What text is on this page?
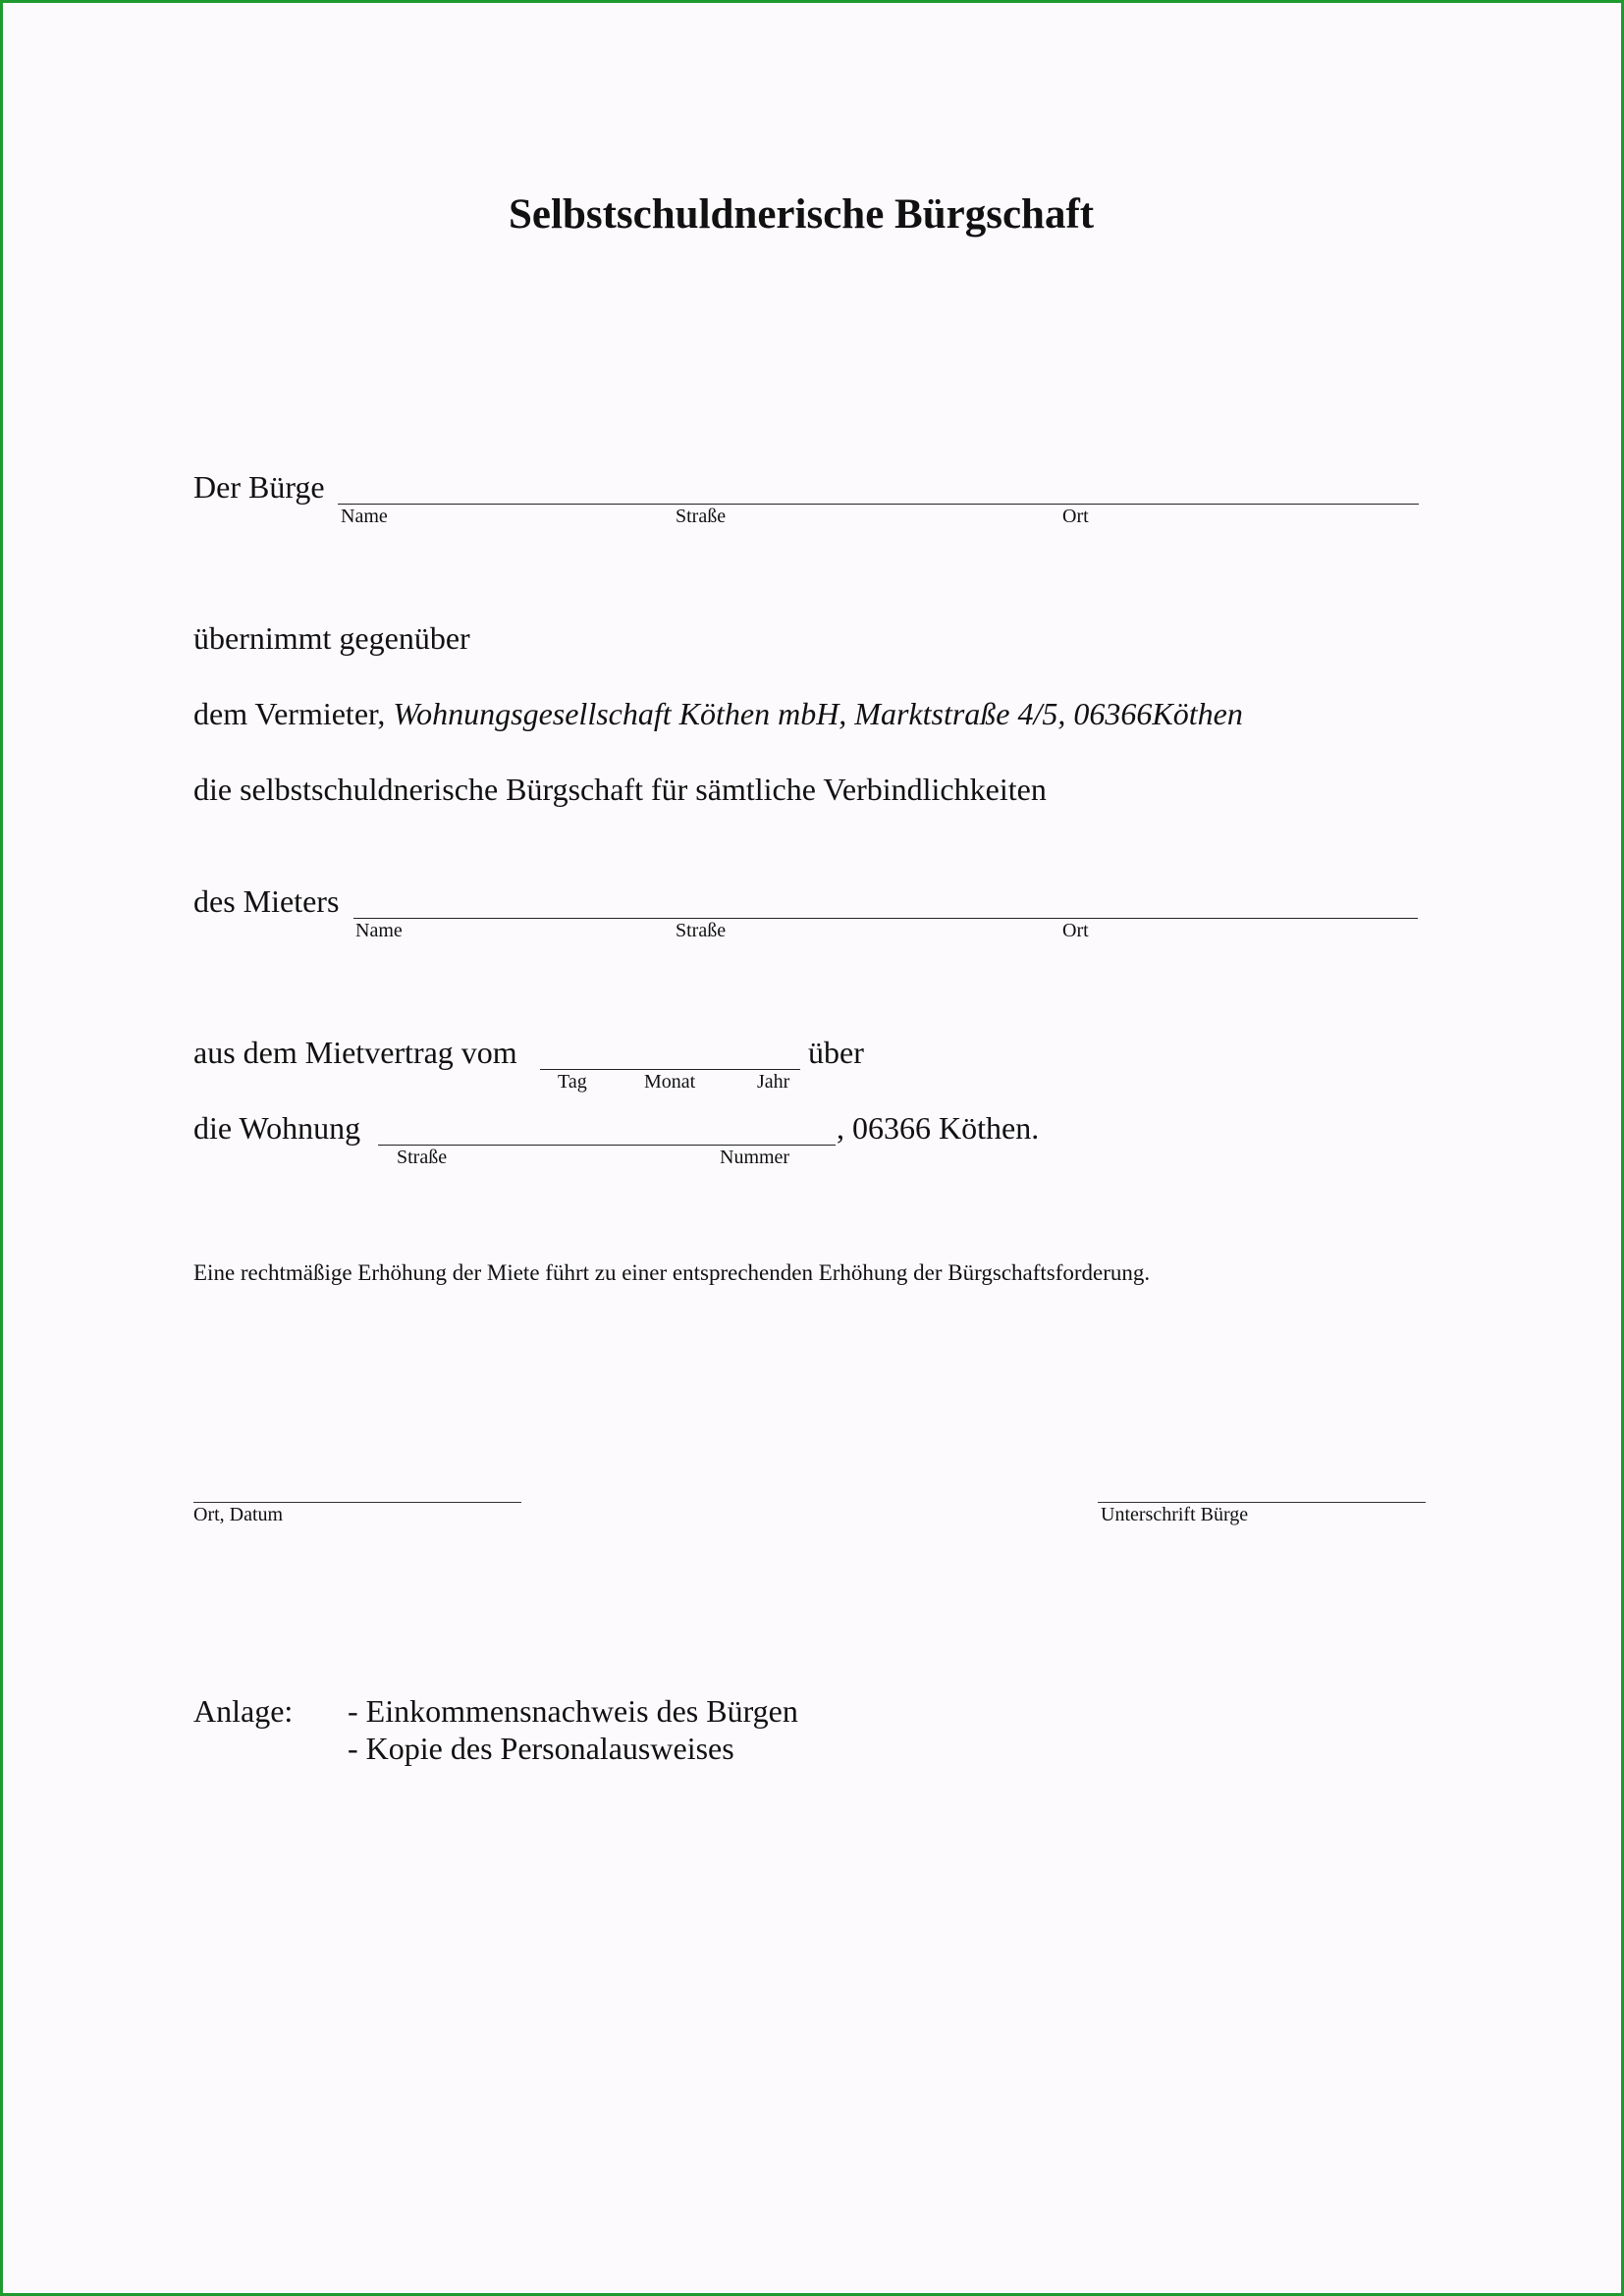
Selbstschuldnerische Bürgschaft
Der Bürge
Name	Straße	Ort
übernimmt gegenüber
dem Vermieter, Wohnungsgesellschaft Köthen mbH, Marktstraße 4/5, 06366Köthen
die selbstschuldnerische Bürgschaft für sämtliche Verbindlichkeiten
des Mieters
Name	Straße	Ort
aus dem Mietvertrag vom	über
Tag	Monat	Jahr
die Wohnung	, 06366 Köthen.
Straße	Nummer
Eine rechtmäßige Erhöhung der Miete führt zu einer entsprechenden Erhöhung der Bürgschaftsforderung.
Ort, Datum	Unterschrift Bürge
Anlage: - Einkommensnachweis des Bürgen
- Kopie des Personalausweises
